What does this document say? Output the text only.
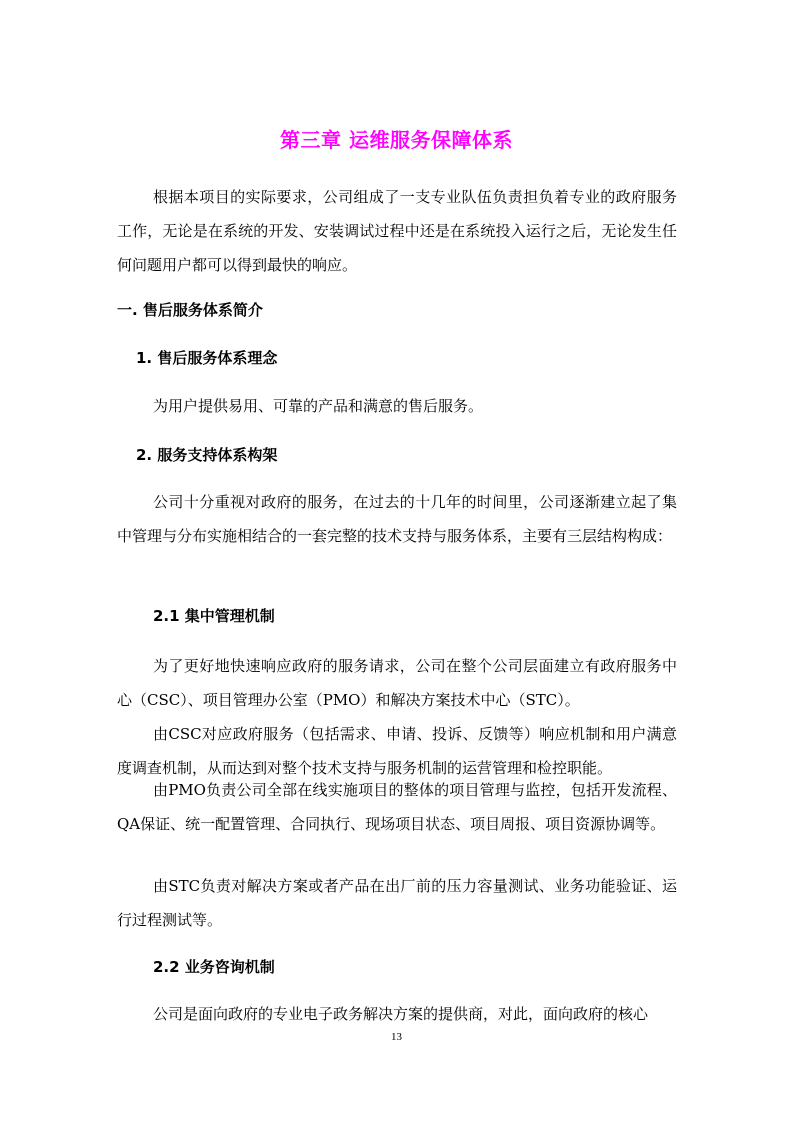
第三章 运维服务保障体系

根据本项目的实际要求，公司组成了一支专业队伍负责担负着专业的政府服务工作，无论是在系统的开发、安装调试过程中还是在系统投入运行之后，无论发生任何问题用户都可以得到最快的响应。

一. 售后服务体系简介
1. 售后服务体系理念

为用户提供易用、可靠的产品和满意的售后服务。

2. 服务支持体系构架

公司十分重视对政府的服务，在过去的十几年的时间里，公司逐渐建立起了集中管理与分布实施相结合的一套完整的技术支持与服务体系，主要有三层结构构成：

2.1 集中管理机制

为了更好地快速响应政府的服务请求，公司在整个公司层面建立有政府服务中心（CSC）、项目管理办公室（PMO）和解决方案技术中心（STC）。

由CSC对应政府服务（包括需求、申请、投诉、反馈等）响应机制和用户满意度调查机制，从而达到对整个技术支持与服务机制的运营管理和检控职能。

由PMO负责公司全部在线实施项目的整体的项目管理与监控，包括开发流程、QA保证、统一配置管理、合同执行、现场项目状态、项目周报、项目资源协调等。

由STC负责对解决方案或者产品在出厂前的压力容量测试、业务功能验证、运行过程测试等。

2.2 业务咨询机制

公司是面向政府的专业电子政务解决方案的提供商，对此，面向政府的核心

13
